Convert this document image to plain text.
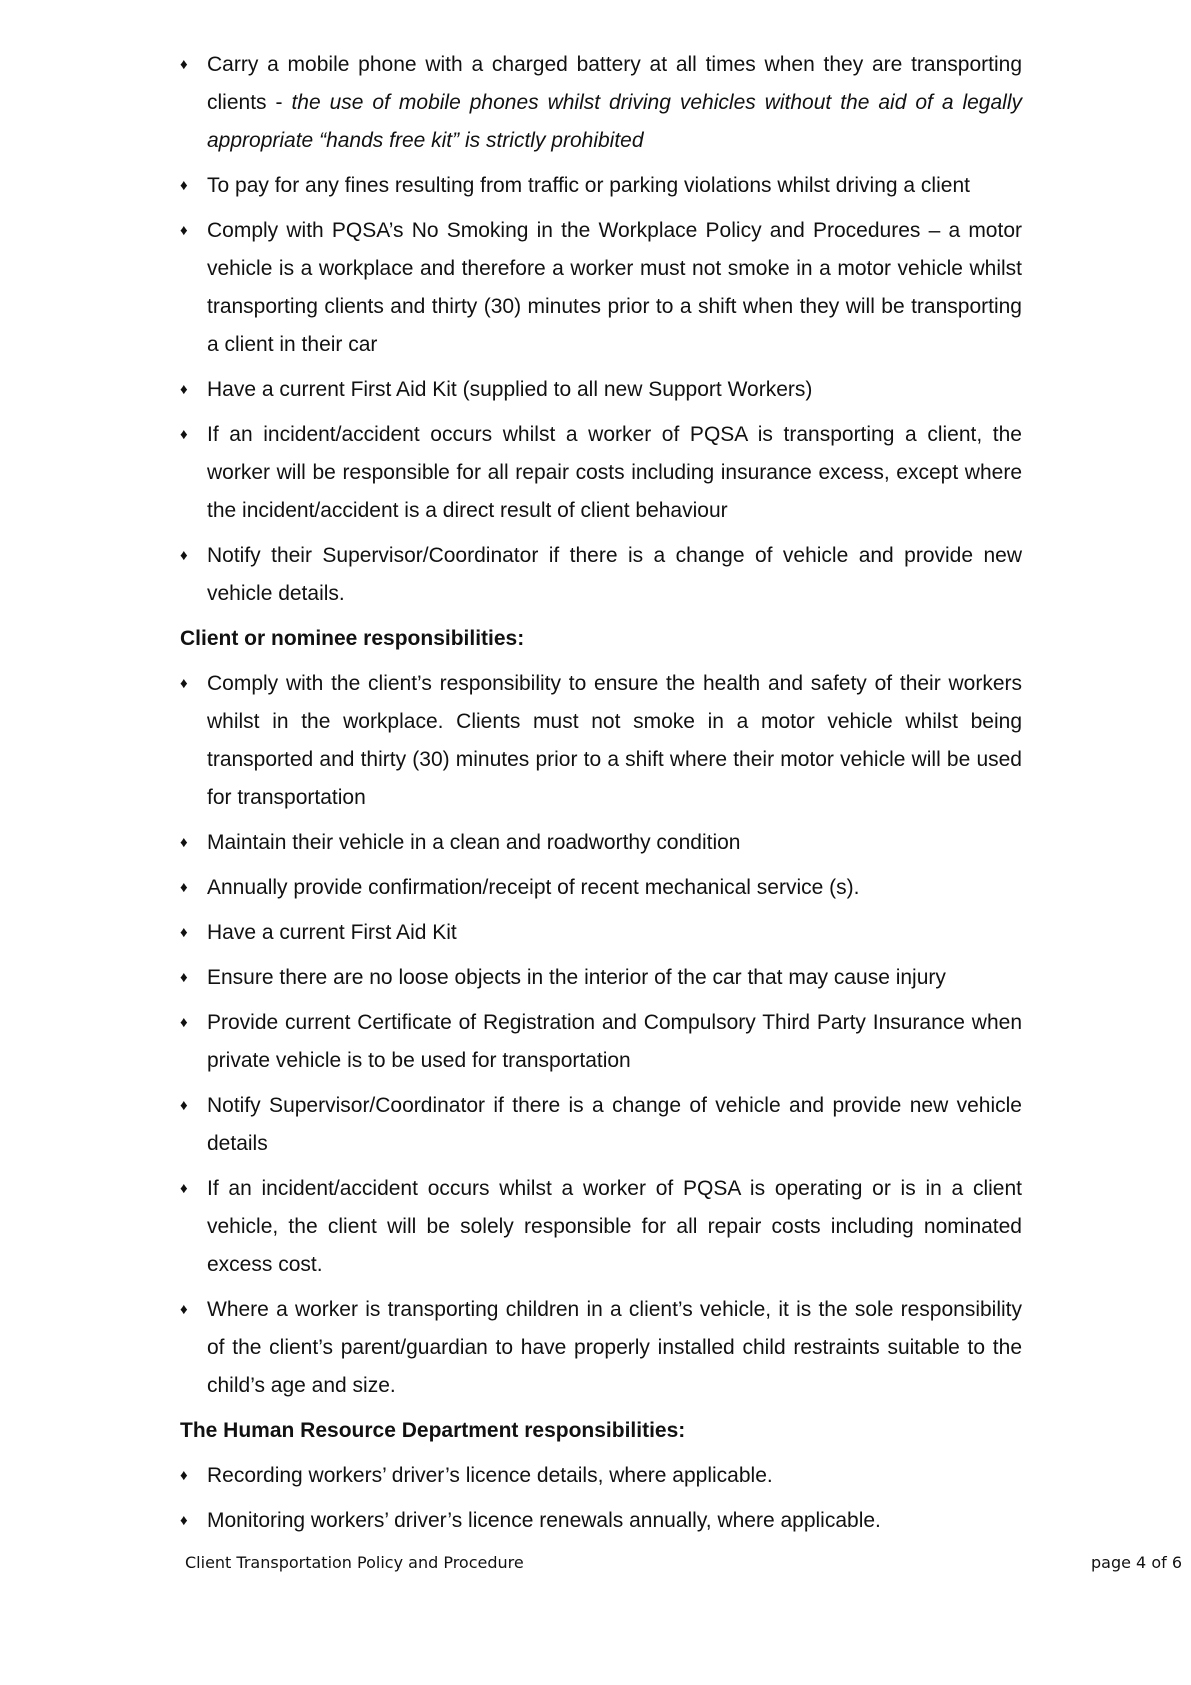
♦ Carry a mobile phone with a charged battery at all times when they are transporting clients - the use of mobile phones whilst driving vehicles without the aid of a legally appropriate “hands free kit” is strictly prohibited
♦ To pay for any fines resulting from traffic or parking violations whilst driving a client
♦ Comply with PQSA’s No Smoking in the Workplace Policy and Procedures – a motor vehicle is a workplace and therefore a worker must not smoke in a motor vehicle whilst transporting clients and thirty (30) minutes prior to a shift when they will be transporting a client in their car
♦ Have a current First Aid Kit (supplied to all new Support Workers)
♦ If an incident/accident occurs whilst a worker of PQSA is transporting a client, the worker will be responsible for all repair costs including insurance excess, except where the incident/accident is a direct result of client behaviour
♦ Notify their Supervisor/Coordinator if there is a change of vehicle and provide new vehicle details.
Client or nominee responsibilities:
♦ Comply with the client’s responsibility to ensure the health and safety of their workers whilst in the workplace. Clients must not smoke in a motor vehicle whilst being transported and thirty (30) minutes prior to a shift where their motor vehicle will be used for transportation
♦ Maintain their vehicle in a clean and roadworthy condition
♦ Annually provide confirmation/receipt of recent mechanical service (s).
♦ Have a current First Aid Kit
♦ Ensure there are no loose objects in the interior of the car that may cause injury
♦ Provide current Certificate of Registration and Compulsory Third Party Insurance when private vehicle is to be used for transportation
♦ Notify Supervisor/Coordinator if there is a change of vehicle and provide new vehicle details
♦ If an incident/accident occurs whilst a worker of PQSA is operating or is in a client vehicle, the client will be solely responsible for all repair costs including nominated excess cost.
♦ Where a worker is transporting children in a client’s vehicle, it is the sole responsibility of the client’s parent/guardian to have properly installed child restraints suitable to the child’s age and size.
The Human Resource Department responsibilities:
♦ Recording workers’ driver’s licence details, where applicable.
♦ Monitoring workers’ driver’s licence renewals annually, where applicable.
Client Transportation Policy and Procedure	page 4 of 6
